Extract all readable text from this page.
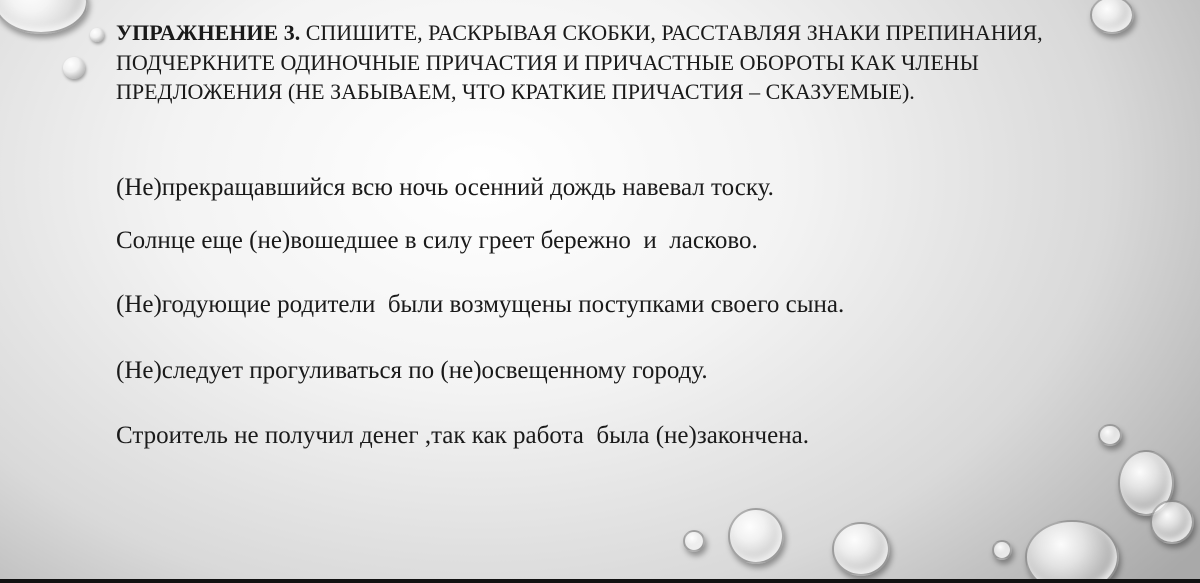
УПРАЖНЕНИЕ 3. СПИШИТЕ, РАСКРЫВАЯ СКОБКИ, РАССТАВЛЯЯ ЗНАКИ ПРЕПИНАНИЯ, ПОДЧЕРКНИТЕ ОДИНОЧНЫЕ ПРИЧАСТИЯ И ПРИЧАСТНЫЕ ОБОРОТЫ КАК ЧЛЕНЫ ПРЕДЛОЖЕНИЯ (НЕ ЗАБЫВАЕМ, ЧТО КРАТКИЕ ПРИЧАСТИЯ – СКАЗУЕМЫЕ).

(Не)прекращавшийся всю ночь осенний дождь навевал тоску.

Солнце еще (не)вошедшее в силу греет бережно  и  ласково.

(Не)годующие родители  были возмущены поступками своего сына.

(Не)следует прогуливаться по (не)освещенному городу.

Строитель не получил денег ,так как работа  была (не)закончена.
